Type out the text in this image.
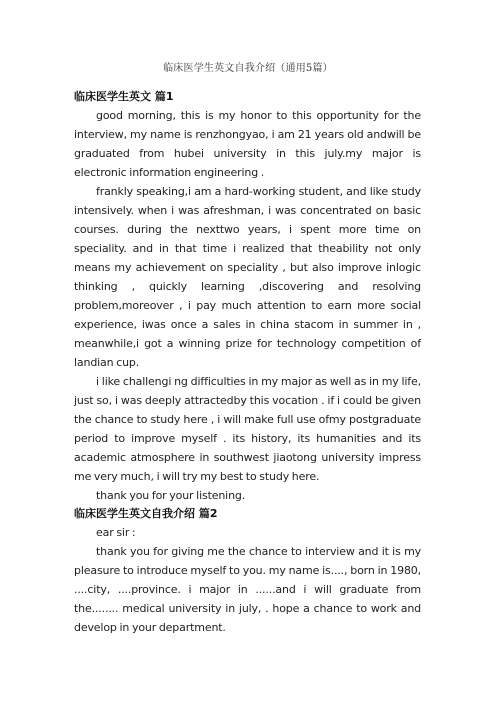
临床医学生英文自我介绍（通用5篇）

临床医学生英文 篇1

good morning, this is my honor to this opportunity for the interview, my name is renzhongyao, i am 21 years old andwill be graduated from hubei university in this july.my major is electronic information engineering .

frankly speaking,i am a hard-working student, and like study intensively. when i was afreshman, i was concentrated on basic courses. during the nexttwo years, i spent more time on speciality. and in that time i realized that theability not only means my achievement on speciality , but also improve inlogic thinking , quickly learning ,discovering and resolving problem,moreover , i pay much attention to earn more social experience, iwas once a sales in china stacom in summer in , meanwhile,i got a winning prize for technology competition of landian cup.

i like challengi ng difficulties in my major as well as in my life, just so, i was deeply attractedby this vocation . if i could be given the chance to study here , i will make full use ofmy postgraduate period to improve myself . its history, its humanities and its academic atmosphere in southwest jiaotong university impress me very much, i will try my best to study here.

thank you for your listening.

临床医学生英文自我介绍 篇2

ear sir :

thank you for giving me the chance to interview and it is my pleasure to introduce myself to you. my name is...., born in 1980, ....city, ....province. i major in ......and i will graduate from the........ medical university in july, . hope a chance to work and develop in your department.
